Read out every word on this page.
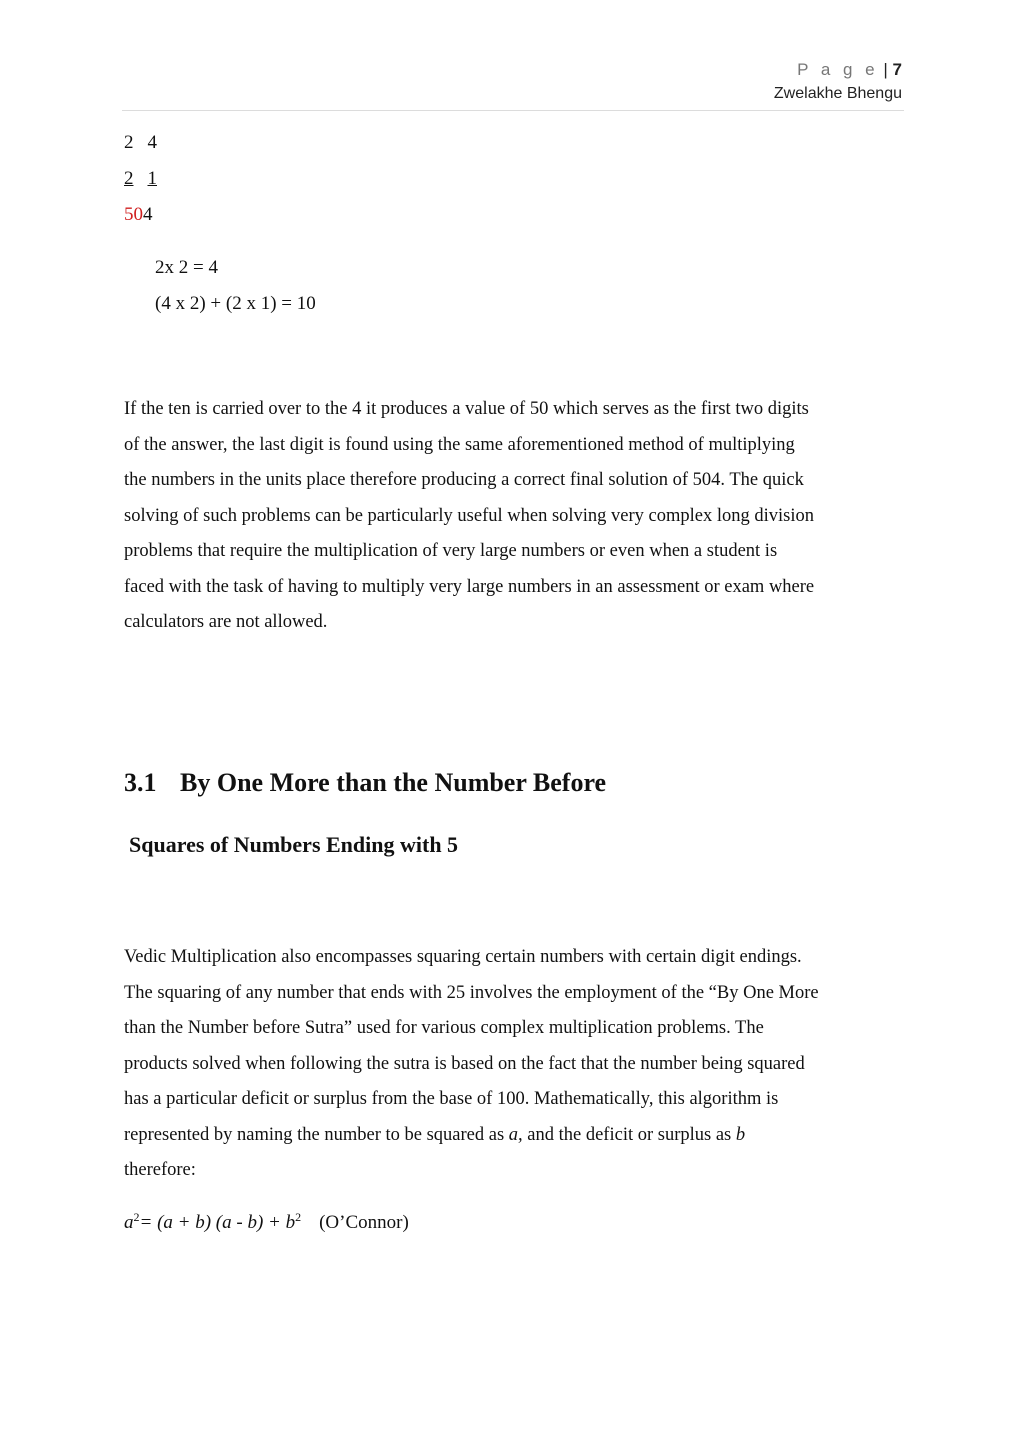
P a g e | 7
Zwelakhe Bhengu
2 4
2 1
504
2x 2 = 4
(4 x 2) + (2 x 1) = 10

If the ten is carried over to the 4 it produces a value of 50 which serves as the first two digits
of the answer, the last digit is found using the same aforementioned method of multiplying
the numbers in the units place therefore producing a correct final solution of 504. The quick
solving of such problems can be particularly useful when solving very complex long division
problems that require the multiplication of very large numbers or even when a student is
faced with the task of having to multiply very large numbers in an assessment or exam where
calculators are not allowed.

3.1 By One More than the Number Before
Squares of Numbers Ending with 5

Vedic Multiplication also encompasses squaring certain numbers with certain digit endings.
The squaring of any number that ends with 25 involves the employment of the “By One More
than the Number before Sutra” used for various complex multiplication problems. The
products solved when following the sutra is based on the fact that the number being squared
has a particular deficit or surplus from the base of 100. Mathematically, this algorithm is
represented by naming the number to be squared as a, and the deficit or surplus as b
therefore:

$a^2= (a + b)$ $(a - b) + b^2$ (O’Connor)
